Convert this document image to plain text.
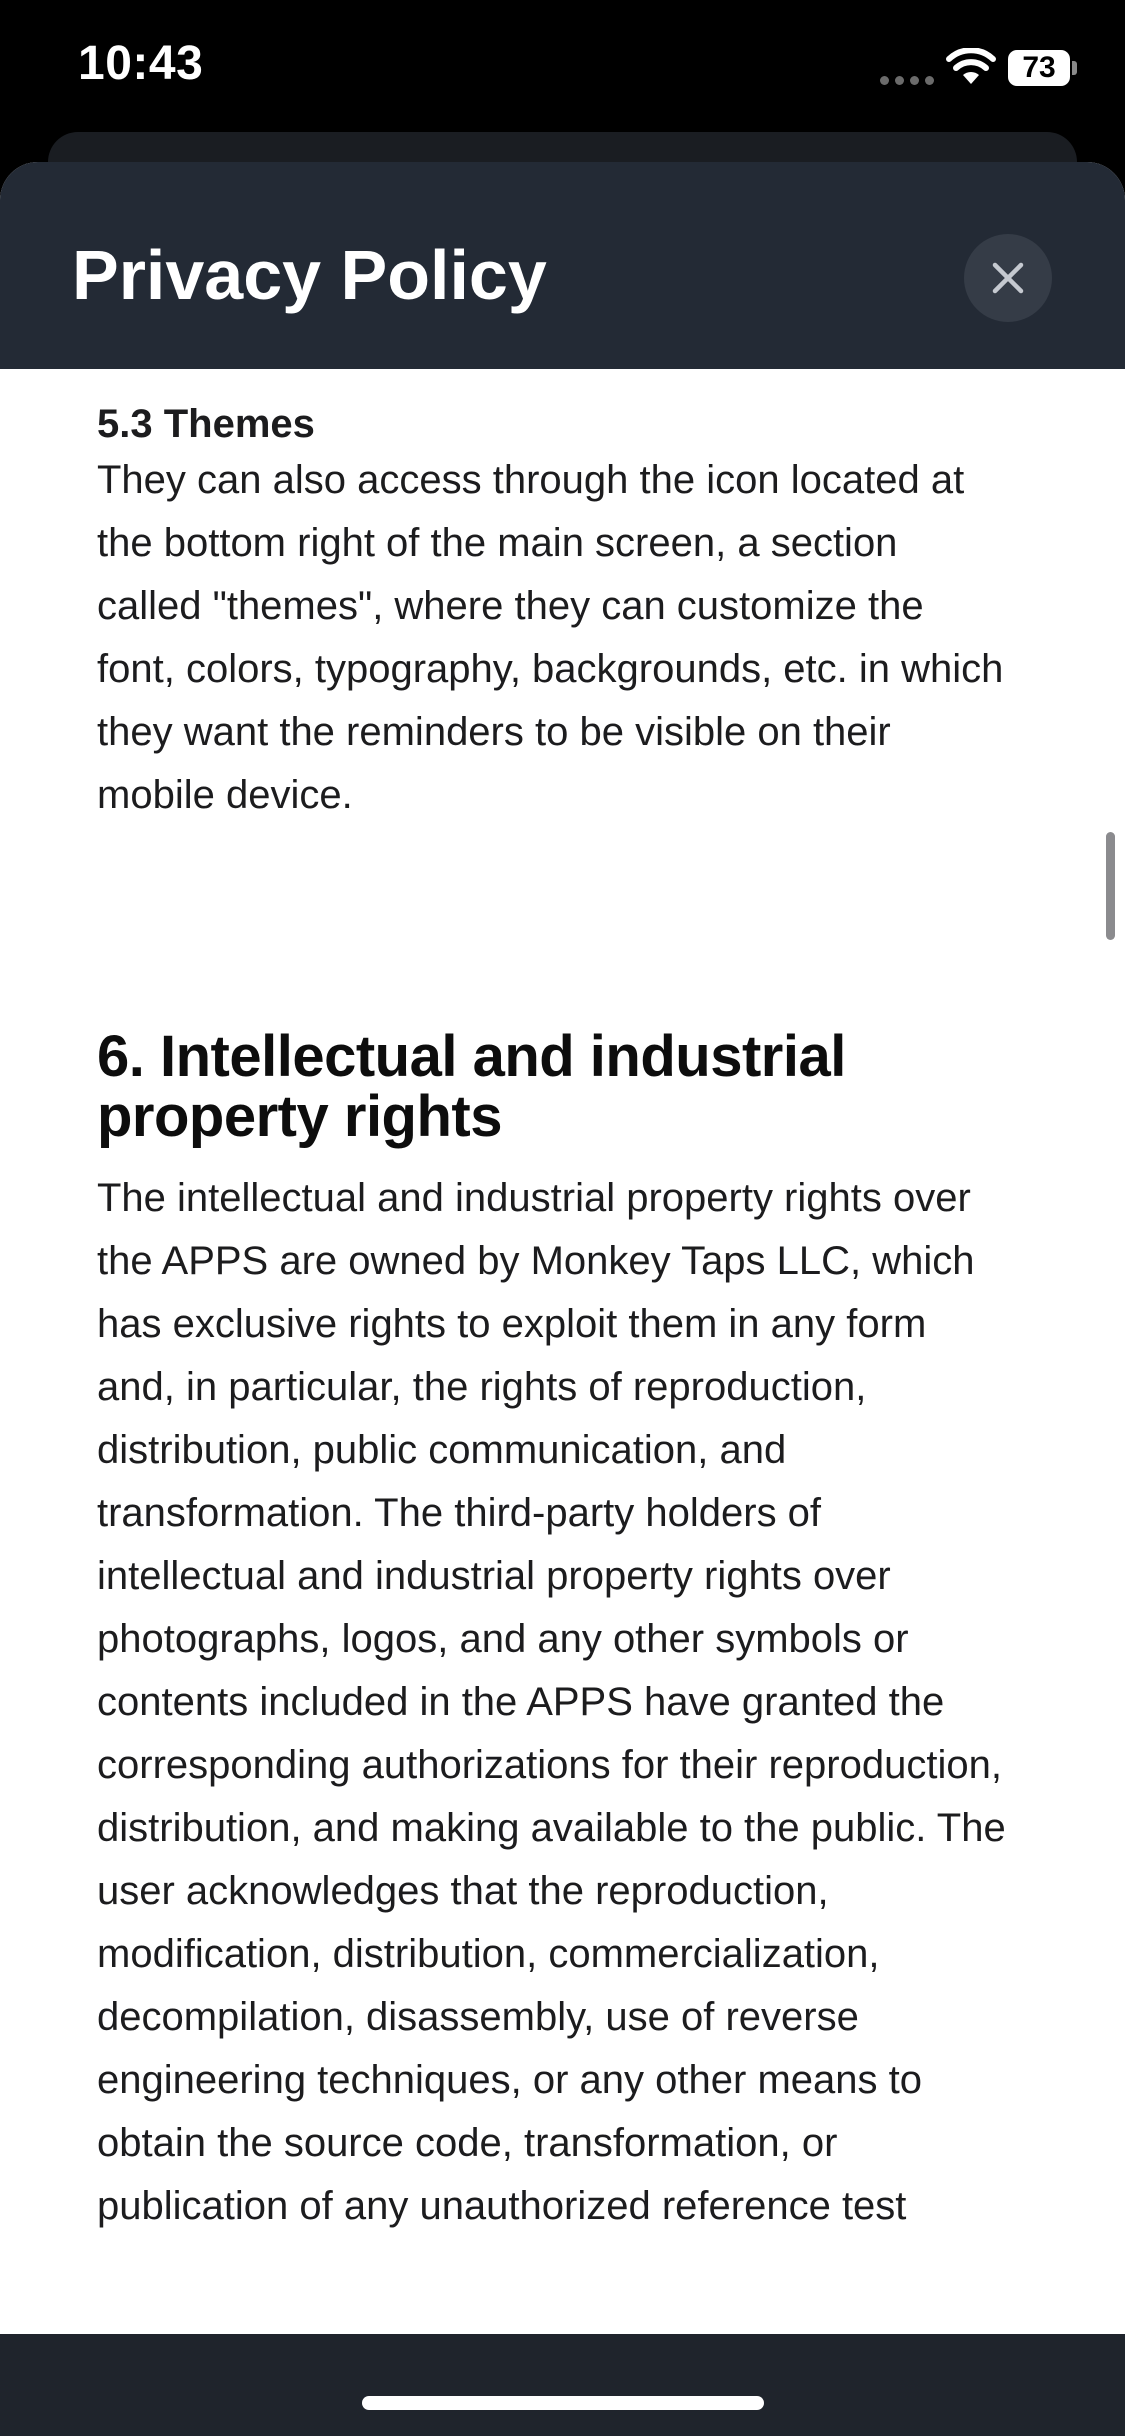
10:43	73
Privacy Policy
5.3 Themes

They can also access through the icon located at the bottom right of the main screen, a section called "themes", where they can customize the font, colors, typography, backgrounds, etc. in which they want the reminders to be visible on their mobile device.

6. Intellectual and industrial property rights

The intellectual and industrial property rights over the APPS are owned by Monkey Taps LLC, which has exclusive rights to exploit them in any form and, in particular, the rights of reproduction, distribution, public communication, and transformation. The third-party holders of intellectual and industrial property rights over photographs, logos, and any other symbols or contents included in the APPS have granted the corresponding authorizations for their reproduction, distribution, and making available to the public. The user acknowledges that the reproduction, modification, distribution, commercialization, decompilation, disassembly, use of reverse engineering techniques, or any other means to obtain the source code, transformation, or publication of any unauthorized reference test
